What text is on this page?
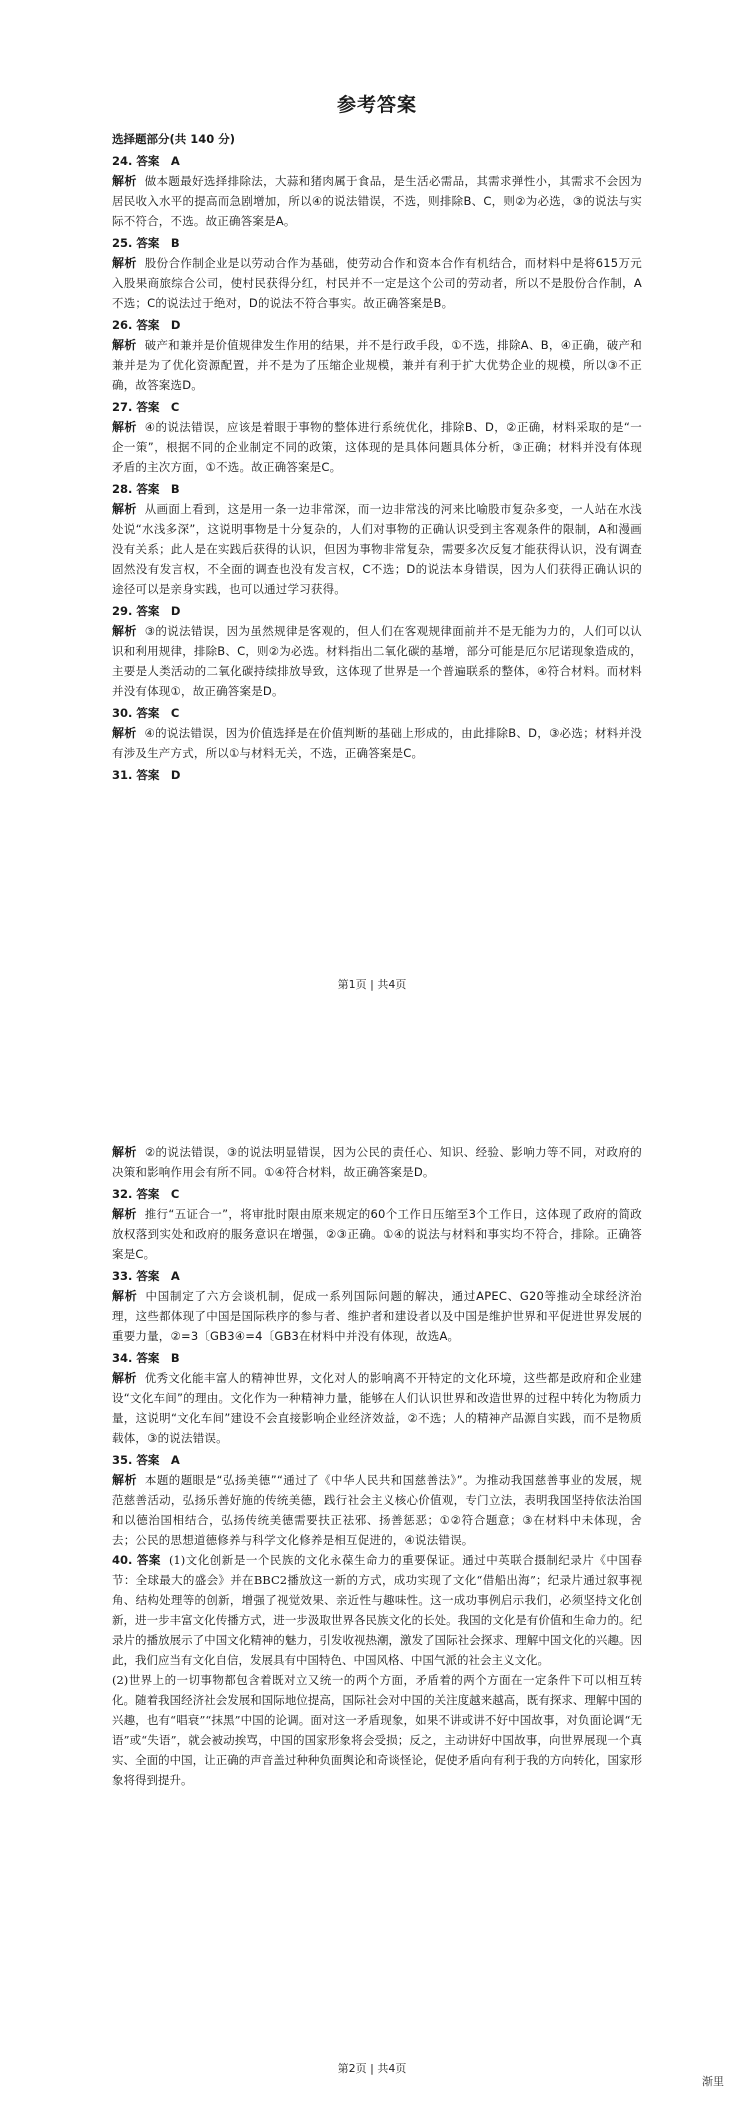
参考答案
选择题部分(共 140 分)
24. 答案　A
解析 做本题最好选择排除法，大蒜和猪肉属于食品，是生活必需品，其需求弹性小，其需求不会因为居民收入水平的提高而急剧增加，所以④的说法错误，不选，则排除B、C，则②为必选，③的说法与实际不符合，不选。故正确答案是A。
25. 答案　B
解析 股份合作制企业是以劳动合作为基础，使劳动合作和资本合作有机结合，而材料中是将615万元入股果商旅综合公司，使村民获得分红，村民并不一定是这个公司的劳动者，所以不是股份合作制，A不选；C的说法过于绝对，D的说法不符合事实。故正确答案是B。
26. 答案　D
解析 破产和兼并是价值规律发生作用的结果，并不是行政手段，①不选，排除A、B，④正确，破产和兼并是为了优化资源配置，并不是为了压缩企业规模，兼并有利于扩大优势企业的规模，所以③不正确，故答案选D。
27. 答案　C
解析 ④的说法错误，应该是着眼于事物的整体进行系统优化，排除B、D，②正确，材料采取的是“一企一策”，根据不同的企业制定不同的政策，这体现的是具体问题具体分析，③正确；材料并没有体现矛盾的主次方面，①不选。故正确答案是C。
28. 答案　B
解析 从画面上看到，这是用一条一边非常深，而一边非常浅的河来比喻股市复杂多变，一人站在水浅处说“水浅多深”，这说明事物是十分复杂的，人们对事物的正确认识受到主客观条件的限制，A和漫画没有关系；此人是在实践后获得的认识，但因为事物非常复杂，需要多次反复才能获得认识，没有调查固然没有发言权，不全面的调查也没有发言权，C不选；D的说法本身错误，因为人们获得正确认识的途径可以是亲身实践，也可以通过学习获得。
29. 答案　D
解析 ③的说法错误，因为虽然规律是客观的，但人们在客观规律面前并不是无能为力的，人们可以认识和利用规律，排除B、C，则②为必选。材料指出二氧化碳的基增，部分可能是厄尔尼诺现象造成的，主要是人类活动的二氧化碳持续排放导致，这体现了世界是一个普遍联系的整体，④符合材料。而材料并没有体现①，故正确答案是D。
30. 答案　C
解析 ④的说法错误，因为价值选择是在价值判断的基础上形成的，由此排除B、D，③必选；材料并没有涉及生产方式，所以①与材料无关，不选，正确答案是C。
31. 答案　D
第1页 | 共4页
解析 ②的说法错误，③的说法明显错误，因为公民的责任心、知识、经验、影响力等不同，对政府的决策和影响作用会有所不同。①④符合材料，故正确答案是D。
32. 答案　C
解析 推行“五证合一”，将审批时限由原来规定的60个工作日压缩至3个工作日，这体现了政府的简政放权落到实处和政府的服务意识在增强，②③正确。①④的说法与材料和事实均不符合，排除。正确答案是C。
33. 答案　A
解析 中国制定了六方会谈机制，促成一系列国际问题的解决，通过APEC、G20等推动全球经济治理，这些都体现了中国是国际秩序的参与者、维护者和建设者以及中国是维护世界和平促进世界发展的重要力量，②=3〔GB3④=4〔GB3在材料中并没有体现，故选A。
34. 答案　B
解析 优秀文化能丰富人的精神世界，文化对人的影响离不开特定的文化环境，这些都是政府和企业建设“文化车间”的理由。文化作为一种精神力量，能够在人们认识世界和改造世界的过程中转化为物质力量，这说明“文化车间”建设不会直接影响企业经济效益，②不选；人的精神产品源自实践，而不是物质载体，③的说法错误。
35. 答案　A
解析 本题的题眼是“弘扬美德”“通过了《中华人民共和国慈善法》”。为推动我国慈善事业的发展，规范慈善活动，弘扬乐善好施的传统美德，践行社会主义核心价值观，专门立法，表明我国坚持依法治国和以德治国相结合，弘扬传统美德需要扶正祛邪、扬善惩恶；①②符合题意；③在材料中未体现，舍去；公民的思想道德修养与科学文化修养是相互促进的，④说法错误。
40. 答案 (1)文化创新是一个民族的文化永葆生命力的重要保证。通过中英联合摄制纪录片《中国春节：全球最大的盛会》并在BBC2播放这一新的方式，成功实现了文化“借船出海”；纪录片通过叙事视角、结构处理等的创新，增强了视觉效果、亲近性与趣味性。这一成功事例启示我们，必须坚持文化创新，进一步丰富文化传播方式，进一步汲取世界各民族文化的长处。我国的文化是有价值和生命力的。纪录片的播放展示了中国文化精神的魅力，引发收视热潮，激发了国际社会探求、理解中国文化的兴趣。因此，我们应当有文化自信，发展具有中国特色、中国风格、中国气派的社会主义文化。
(2)世界上的一切事物都包含着既对立又统一的两个方面，矛盾着的两个方面在一定条件下可以相互转化。随着我国经济社会发展和国际地位提高，国际社会对中国的关注度越来越高，既有探求、理解中国的兴趣，也有“唱衰”“抹黑”中国的论调。面对这一矛盾现象，如果不讲或讲不好中国故事，对负面论调“无语”或“失语”，就会被动挨骂，中国的国家形象将会受损；反之，主动讲好中国故事，向世界展现一个真实、全面的中国，让正确的声音盖过种种负面舆论和奇谈怪论，促使矛盾向有利于我的方向转化，国家形象将得到提升。
第2页 | 共4页
渐里
